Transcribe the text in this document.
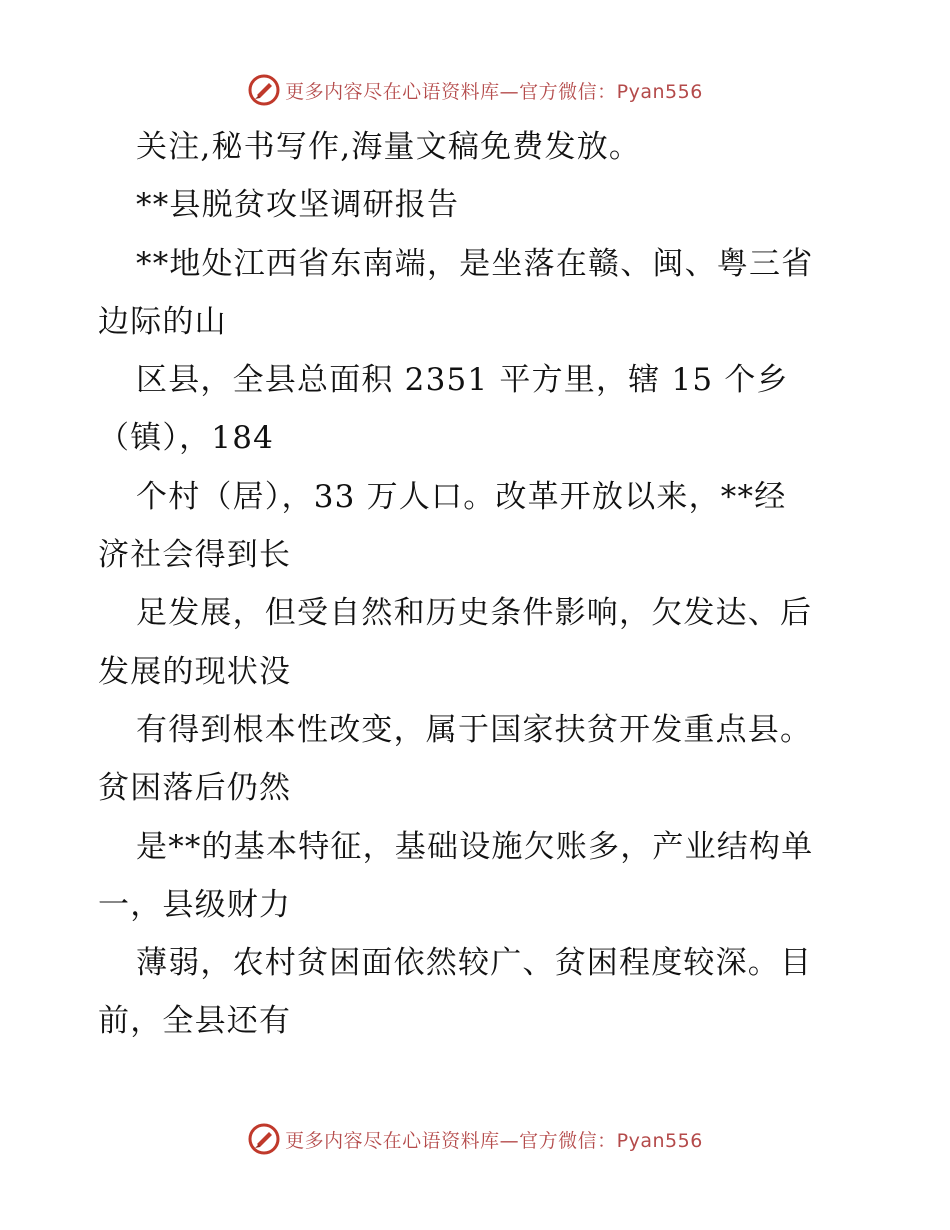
更多内容尽在心语资料库—官方微信：Pyan556
关注,秘书写作,海量文稿免费发放。
**县脱贫攻坚调研报告
**地处江西省东南端，是坐落在赣、闽、粤三省
边际的山
区县，全县总面积 2351 平方里，辖 15 个乡
（镇），184
个村（居），33 万人口。改革开放以来，**经
济社会得到长
足发展，但受自然和历史条件影响，欠发达、后
发展的现状没
有得到根本性改变，属于国家扶贫开发重点县。
贫困落后仍然
是**的基本特征，基础设施欠账多，产业结构单
一，县级财力
薄弱，农村贫困面依然较广、贫困程度较深。目
前，全县还有
更多内容尽在心语资料库—官方微信：Pyan556
